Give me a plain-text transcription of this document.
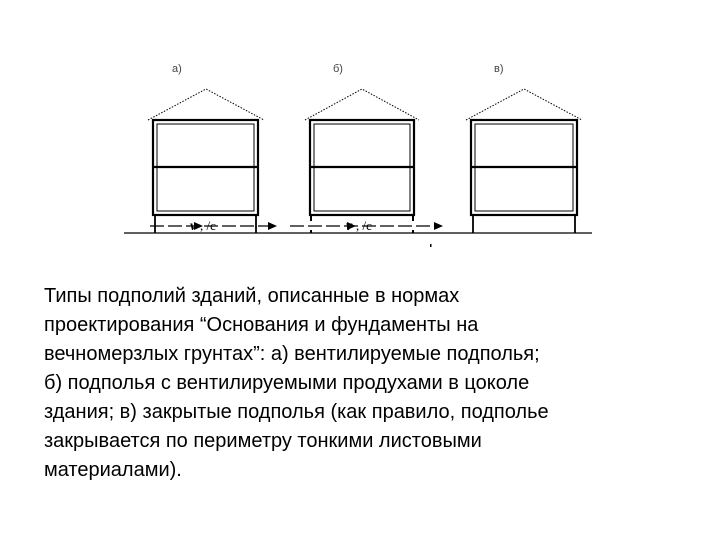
а)
v , /с
б)
v , /с
в)
Типы подполий зданий, описанные в нормах
проектирования “Основания и фундаменты на
вечномерзлых грунтах”: а) вентилируемые подполья;
б) подполья с вентилируемыми продухами в цоколе
здания; в) закрытые подполья (как правило, подполье
закрывается по периметру тонкими листовыми
материалами).
